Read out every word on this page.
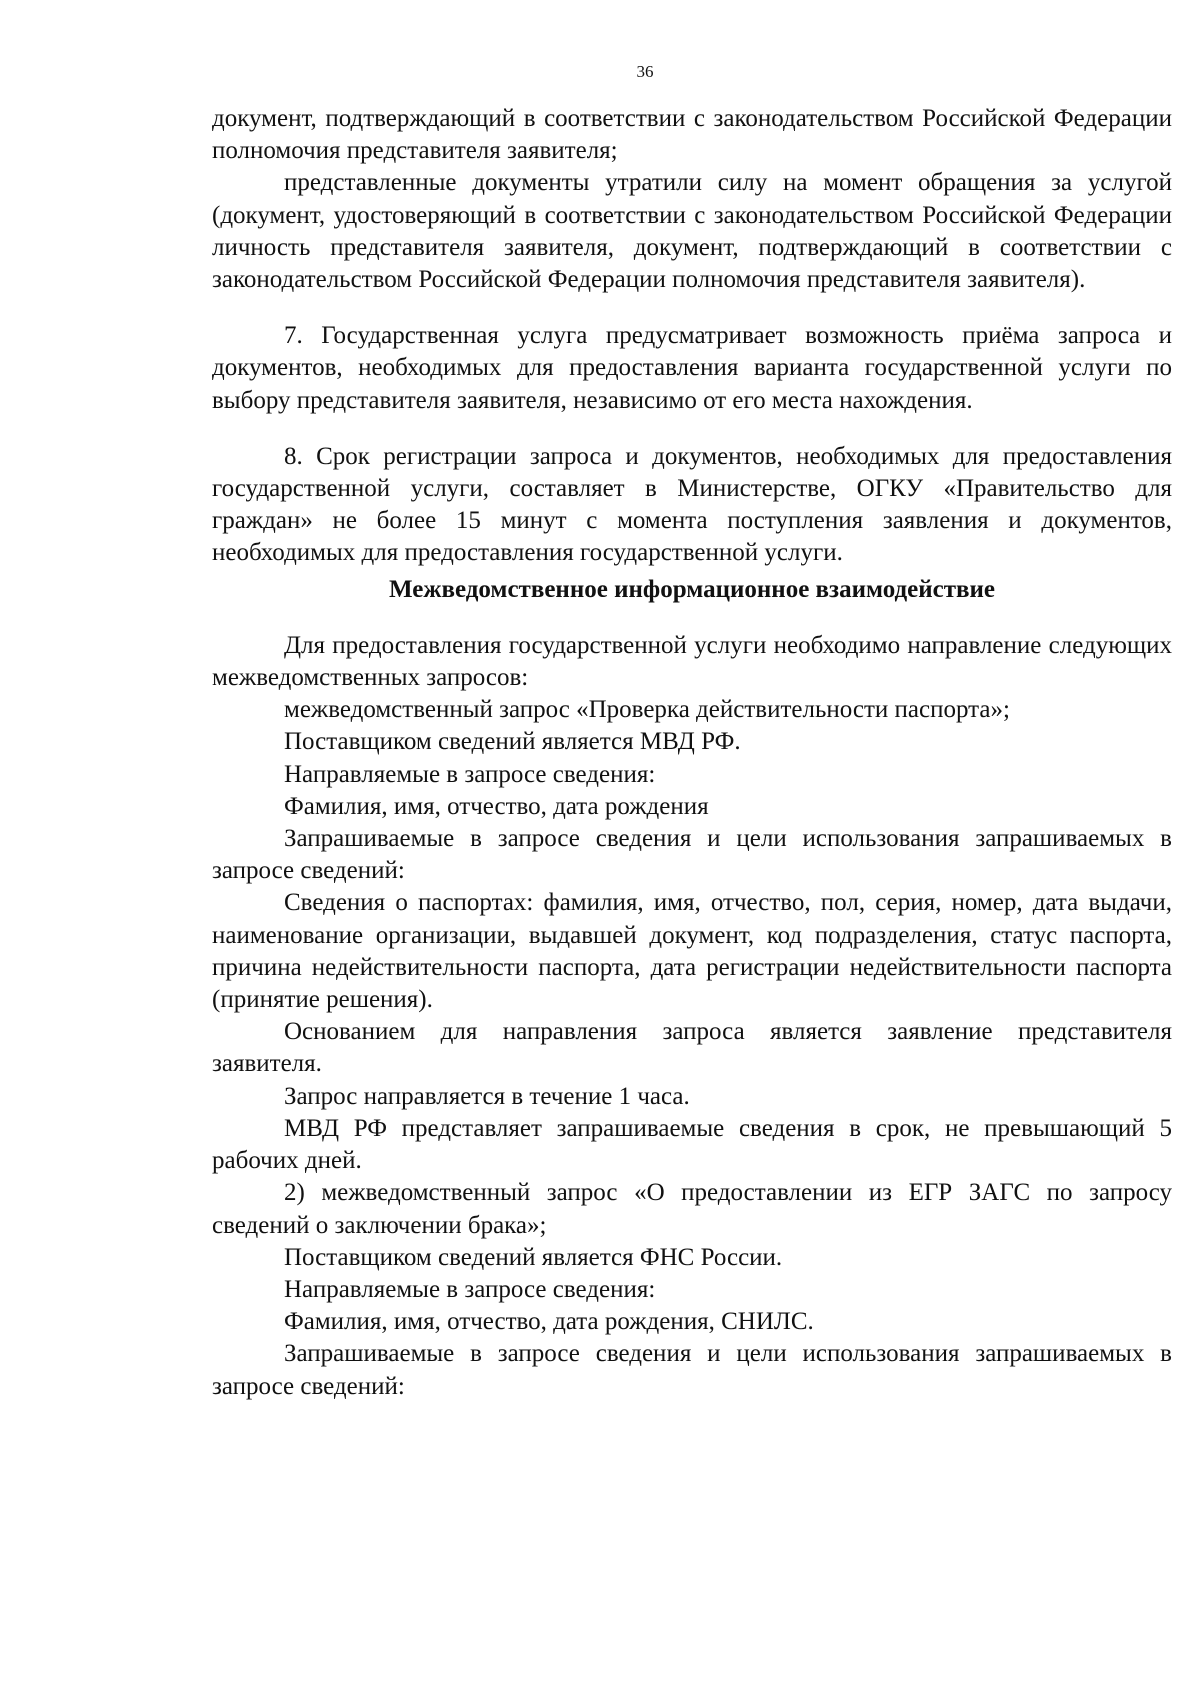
36

документ, подтверждающий в соответствии с законодательством Российской Федерации полномочия представителя заявителя;

представленные документы утратили силу на момент обращения за услугой (документ, удостоверяющий в соответствии с законодательством Российской Федерации личность представителя заявителя, документ, подтверждающий в соответствии с законодательством Российской Федерации полномочия представителя заявителя).

7. Государственная услуга предусматривает возможность приёма запроса и документов, необходимых для предоставления варианта государственной услуги по выбору представителя заявителя, независимо от его места нахождения.

8. Срок регистрации запроса и документов, необходимых для предоставления государственной услуги, составляет в Министерстве, ОГКУ «Правительство для граждан» не более 15 минут с момента поступления заявления и документов, необходимых для предоставления государственной услуги.

Межведомственное информационное взаимодействие

Для предоставления государственной услуги необходимо направление следующих межведомственных запросов:

межведомственный запрос «Проверка действительности паспорта»;

Поставщиком сведений является МВД РФ.

Направляемые в запросе сведения:

Фамилия, имя, отчество, дата рождения

Запрашиваемые в запросе сведения и цели использования запрашиваемых в запросе сведений:

Сведения о паспортах: фамилия, имя, отчество, пол, серия, номер, дата выдачи, наименование организации, выдавшей документ, код подразделения, статус паспорта, причина недействительности паспорта, дата регистрации недействительности паспорта (принятие решения).

Основанием для направления запроса является заявление представителя заявителя.

Запрос направляется в течение 1 часа.

МВД РФ представляет запрашиваемые сведения в срок, не превышающий 5 рабочих дней.

2) межведомственный запрос «О предоставлении из ЕГР ЗАГС по запросу сведений о заключении брака»;

Поставщиком сведений является ФНС России.

Направляемые в запросе сведения:

Фамилия, имя, отчество, дата рождения, СНИЛС.

Запрашиваемые в запросе сведения и цели использования запрашиваемых в запросе сведений:
